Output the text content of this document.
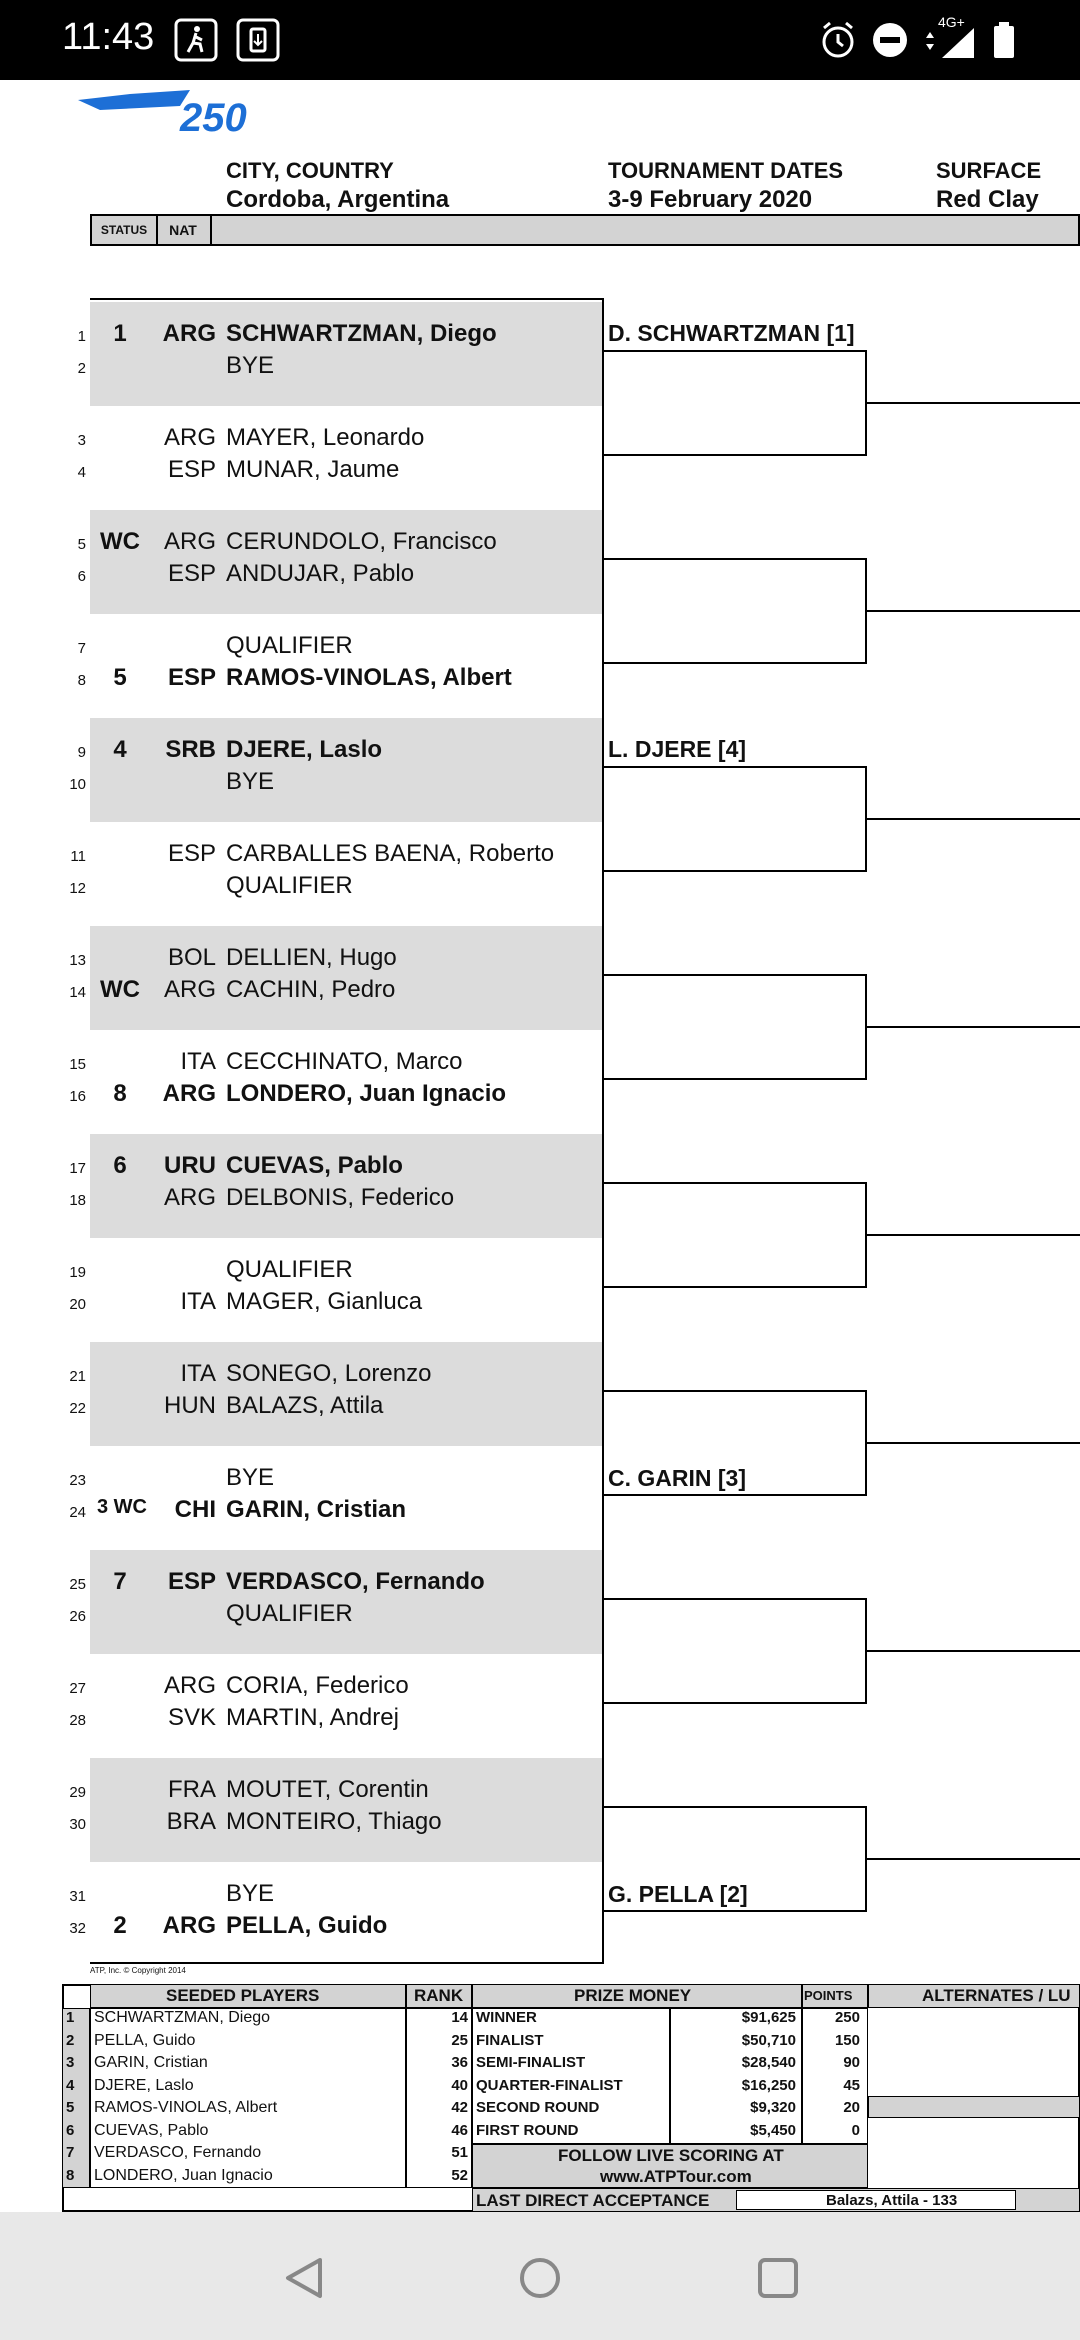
11:43	4G+
250
CITY, COUNTRY
Cordoba, Argentina
TOURNAMENT DATES
3-9 February 2020
SURFACE
Red Clay
STATUS	NAT
1	1	ARG SCHWARTZMAN, Diego
2	BYE
3	ARG MAYER, Leonardo
4	ESP MUNAR, Jaume
5 WC ARG CERUNDOLO, Francisco
6	ESP ANDUJAR, Pablo
7	QUALIFIER
8	5	ESP RAMOS-VINOLAS, Albert
9	4	SRB DJERE, Laslo
10	BYE
11	ESP CARBALLES BAENA, Roberto
12	QUALIFIER
13	BOL DELLIEN, Hugo
14 WC ARG CACHIN, Pedro
15	ITA CECCHINATO, Marco
16	8	ARG LONDERO, Juan Ignacio
17	6	URU CUEVAS, Pablo
18	ARG DELBONIS, Federico
19	QUALIFIER
20	ITA MAGER, Gianluca
21	ITA SONEGO, Lorenzo
22	HUN BALAZS, Attila
23	BYE
24 3 WC	CHI GARIN, Cristian
25	7	ESP VERDASCO, Fernando
26	QUALIFIER
27	ARG CORIA, Federico
28	SVK MARTIN, Andrej
29	FRA MOUTET, Corentin
30	BRA MONTEIRO, Thiago
31	BYE
32	2	ARG PELLA, Guido
D. SCHWARTZMAN [1]
L. DJERE [4]
C. GARIN [3]
G. PELLA [2]
ATP, Inc. © Copyright 2014
SEEDED PLAYERS	RANK	PRIZE MONEY	POINTS	ALTERNATES / LU
1 SCHWARTZMAN, Diego	14
2 PELLA, Guido	25
3 GARIN, Cristian	36
4 DJERE, Laslo	40
5 RAMOS-VINOLAS, Albert	42
6 CUEVAS, Pablo	46
7 VERDASCO, Fernando	51
8 LONDERO, Juan Ignacio	52
WINNER	$91,625	250
FINALIST	$50,710	150
SEMI-FINALIST	$28,540	90
QUARTER-FINALIST	$16,250	45
SECOND ROUND	$9,320	20
FIRST ROUND	$5,450	0
FOLLOW LIVE SCORING AT
www.ATPTour.com
LAST DIRECT ACCEPTANCE	Balazs, Attila - 133
